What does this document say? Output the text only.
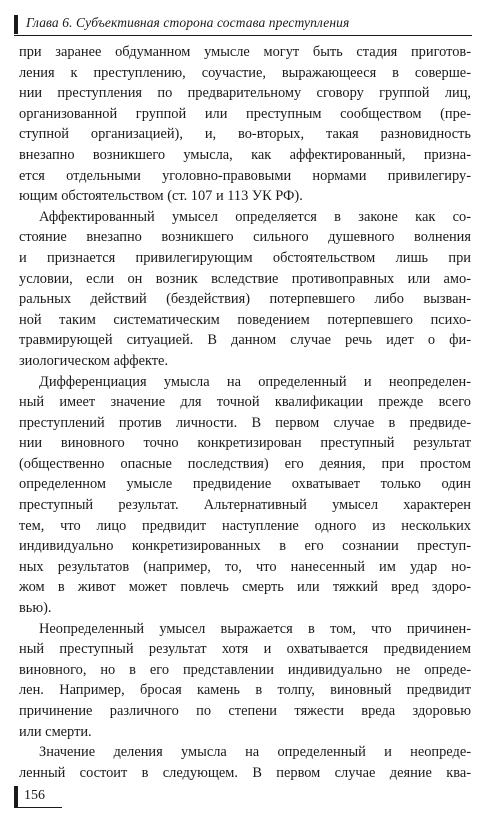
Глава 6. Субъективная сторона состава преступления
при заранее обдуманном умысле могут быть стадия приготов-
ления к преступлению, соучастие, выражающееся в соверше-
нии преступления по предварительному сговору группой лиц,
организованной группой или преступным сообществом (пре-
ступной организацией), и, во-вторых, такая разновидность
внезапно возникшего умысла, как аффектированный, призна-
ется отдельными уголовно-правовыми нормами привилегиру-
ющим обстоятельством (ст. 107 и 113 УК РФ).
Аффектированный умысел определяется в законе как со-
стояние внезапно возникшего сильного душевного волнения
и признается привилегирующим обстоятельством лишь при
условии, если он возник вследствие противоправных или амо-
ральных действий (бездействия) потерпевшего либо вызван-
ной таким систематическим поведением потерпевшего психо-
травмирующей ситуацией. В данном случае речь идет о фи-
зиологическом аффекте.
Дифференциация умысла на определенный и неопределен-
ный имеет значение для точной квалификации прежде всего
преступлений против личности. В первом случае в предвиде-
нии виновного точно конкретизирован преступный результат
(общественно опасные последствия) его деяния, при простом
определенном умысле предвидение охватывает только один
преступный результат. Альтернативный умысел характерен
тем, что лицо предвидит наступление одного из нескольких
индивидуально конкретизированных в его сознании преступ-
ных результатов (например, то, что нанесенный им удар но-
жом в живот может повлечь смерть или тяжкий вред здоро-
вью).
Неопределенный умысел выражается в том, что причинен-
ный преступный результат хотя и охватывается предвидением
виновного, но в его представлении индивидуально не опреде-
лен. Например, бросая камень в толпу, виновный предвидит
причинение различного по степени тяжести вреда здоровью
или смерти.
Значение деления умысла на определенный и неопреде-
ленный состоит в следующем. В первом случае деяние ква-
156
